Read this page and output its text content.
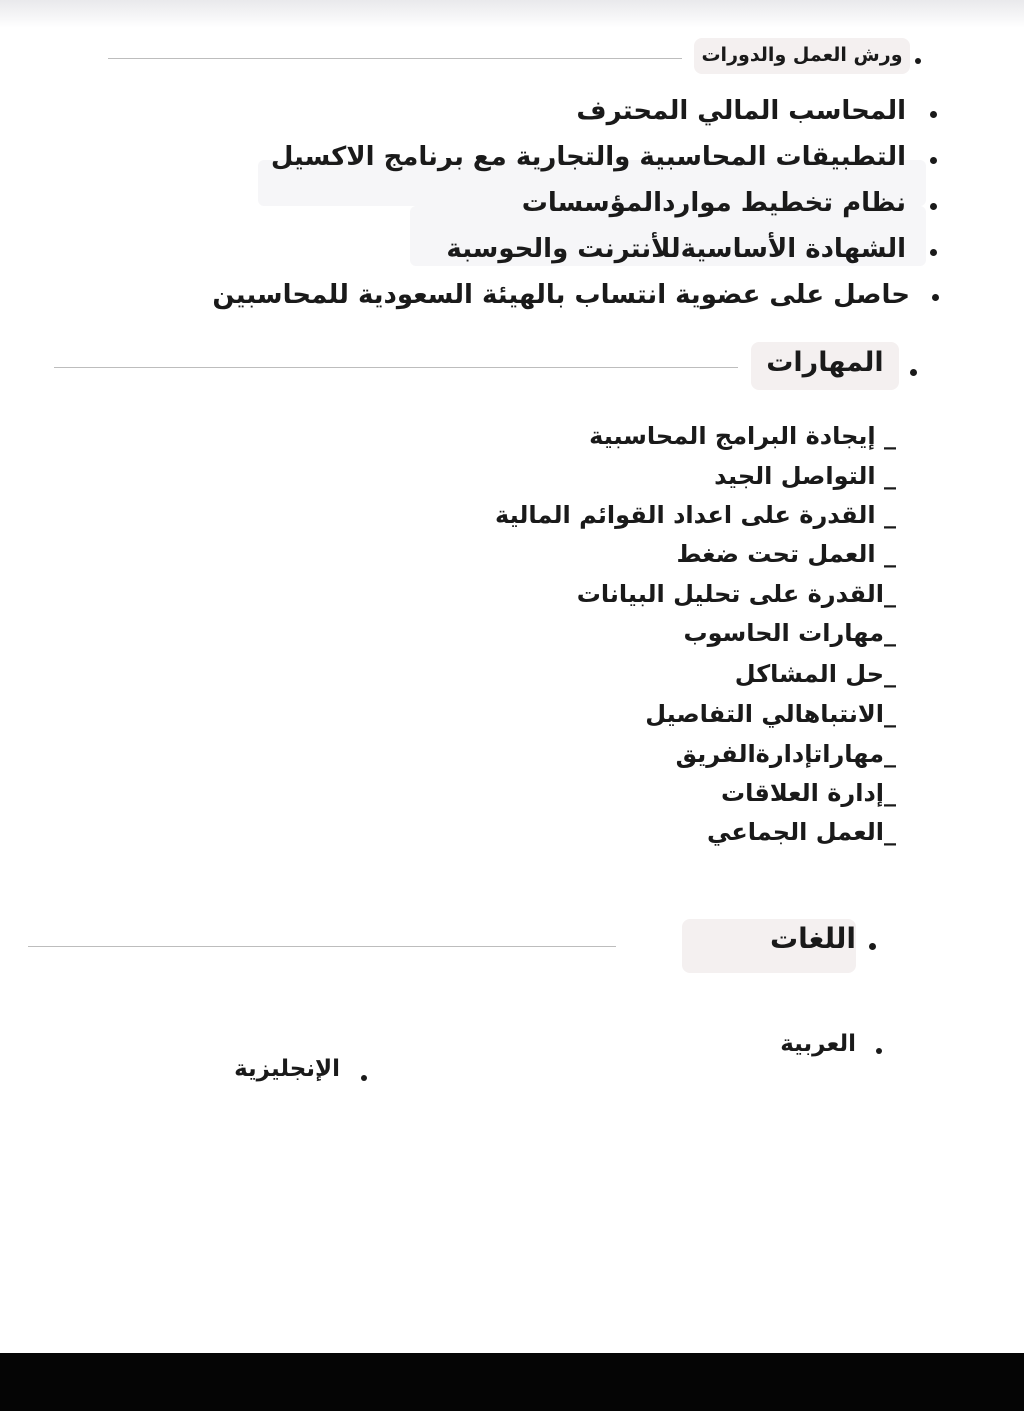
ورش العمل والدورات
المحاسب المالي المحترف
التطبيقات المحاسبية والتجارية مع برنامج الاكسيل
نظام تخطيط مواردالمؤسسات
الشهادة الأساسيةللأنترنت والحوسبة
حاصل على عضوية انتساب بالهيئة السعودية للمحاسبين
المهارات
_ إيجادة البرامج المحاسبية
_ التواصل الجيد
_ القدرة على اعداد القوائم المالية
_ العمل تحت ضغط
_القدرة على تحليل البيانات
_مهارات الحاسوب
_حل المشاكل
_الانتباهالي التفاصيل
_مهاراتإدارةالفريق
_إدارة العلاقات
_العمل الجماعي
اللغات
العربية
الإنجليزية
